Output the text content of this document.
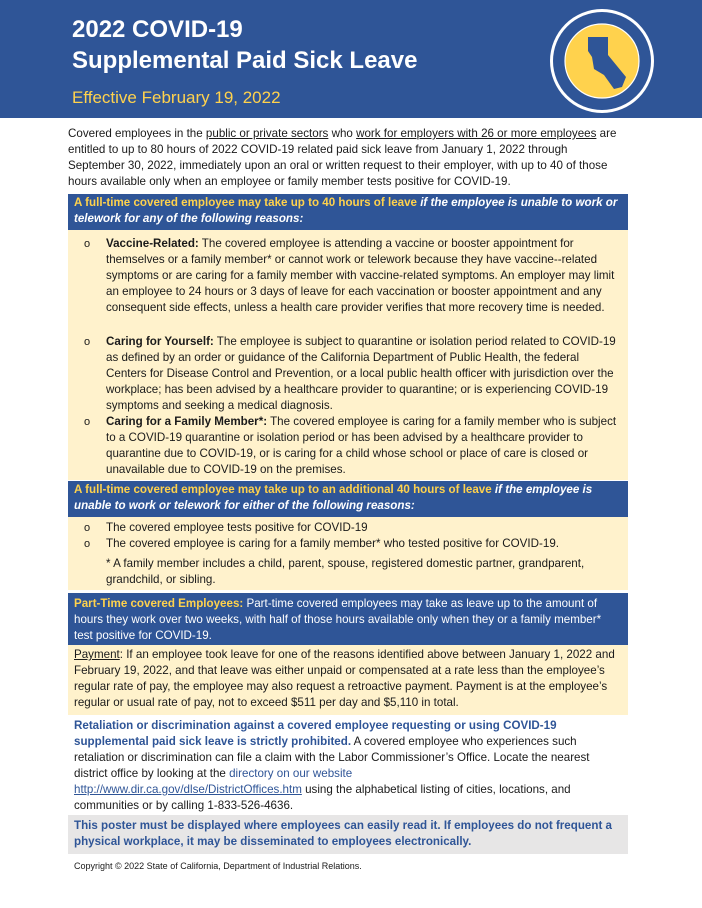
2022 COVID-19
Supplemental Paid Sick Leave
Effective February 19, 2022
Covered employees in the public or private sectors who work for employers with 26 or more employees are entitled to up to 80 hours of 2022 COVID-19 related paid sick leave from January 1, 2022 through September 30, 2022, immediately upon an oral or written request to their employer, with up to 40 of those hours available only when an employee or family member tests positive for COVID-19.
A full-time covered employee may take up to 40 hours of leave if the employee is unable to work or telework for any of the following reasons:
o Vaccine-Related: The covered employee is attending a vaccine or booster appointment for themselves or a family member* or cannot work or telework because they have vaccine--related symptoms or are caring for a family member with vaccine-related symptoms. An employer may limit an employee to 24 hours or 3 days of leave for each vaccination or booster appointment and any consequent side effects, unless a health care provider verifies that more recovery time is needed.
o Caring for Yourself: The employee is subject to quarantine or isolation period related to COVID-19 as defined by an order or guidance of the California Department of Public Health, the federal Centers for Disease Control and Prevention, or a local public health officer with jurisdiction over the workplace; has been advised by a healthcare provider to quarantine; or is experiencing COVID-19 symptoms and seeking a medical diagnosis.
o Caring for a Family Member*: The covered employee is caring for a family member who is subject to a COVID-19 quarantine or isolation period or has been advised by a healthcare provider to quarantine due to COVID-19, or is caring for a child whose school or place of care is closed or unavailable due to COVID-19 on the premises.
A full-time covered employee may take up to an additional 40 hours of leave if the employee is unable to work or telework for either of the following reasons:
o The covered employee tests positive for COVID-19
o The covered employee is caring for a family member* who tested positive for COVID-19.
* A family member includes a child, parent, spouse, registered domestic partner, grandparent, grandchild, or sibling.
Part-Time covered Employees: Part-time covered employees may take as leave up to the amount of hours they work over two weeks, with half of those hours available only when they or a family member* test positive for COVID-19.
Payment: If an employee took leave for one of the reasons identified above between January 1, 2022 and February 19, 2022, and that leave was either unpaid or compensated at a rate less than the employee’s regular rate of pay, the employee may also request a retroactive payment. Payment is at the employee’s regular or usual rate of pay, not to exceed $511 per day and $5,110 in total.
Retaliation or discrimination against a covered employee requesting or using COVID-19 supplemental paid sick leave is strictly prohibited. A covered employee who experiences such retaliation or discrimination can file a claim with the Labor Commissioner’s Office. Locate the nearest district office by looking at the directory on our website
http://www.dir.ca.gov/dlse/DistrictOffices.htm using the alphabetical listing of cities, locations, and communities or by calling 1-833-526-4636.
This poster must be displayed where employees can easily read it. If employees do not frequent a physical workplace, it may be disseminated to employees electronically.
Copyright © 2022 State of California, Department of Industrial Relations.
